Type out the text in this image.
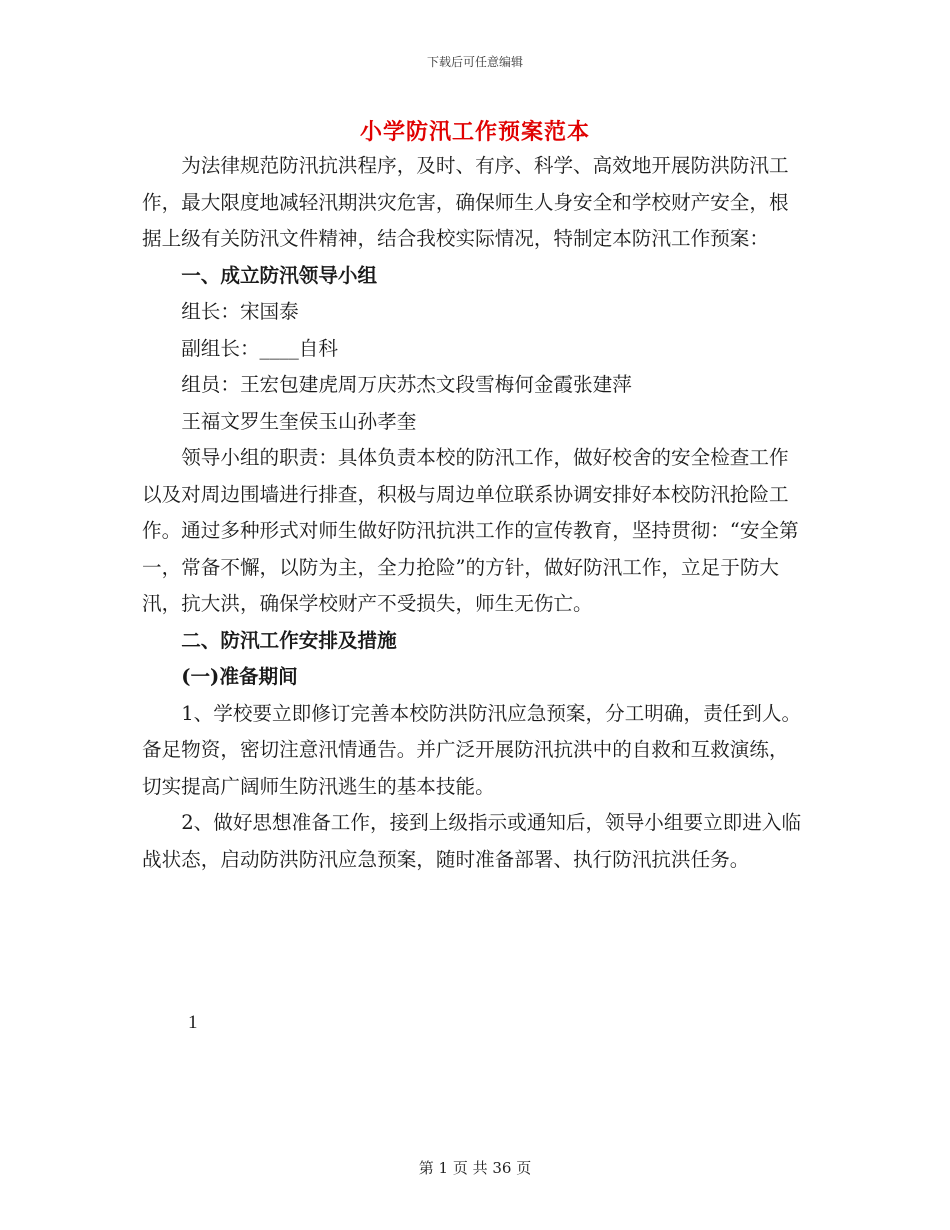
下载后可任意编辑
小学防汛工作预案范本

为法律规范防汛抗洪程序，及时、有序、科学、高效地开展防洪防汛工作，最大限度地减轻汛期洪灾危害，确保师生人身安全和学校财产安全，根据上级有关防汛文件精神，结合我校实际情况，特制定本防汛工作预案：

一、成立防汛领导小组

组长：宋国泰

副组长：____自科

组员：王宏包建虎周万庆苏杰文段雪梅何金霞张建萍

王福文罗生奎侯玉山孙孝奎

领导小组的职责：具体负责本校的防汛工作，做好校舍的安全检查工作以及对周边围墙进行排查，积极与周边单位联系协调安排好本校防汛抢险工作。通过多种形式对师生做好防汛抗洪工作的宣传教育，坚持贯彻：“安全第一，常备不懈，以防为主，全力抢险”的方针，做好防汛工作，立足于防大汛，抗大洪，确保学校财产不受损失，师生无伤亡。

二、防汛工作安排及措施

(一)准备期间

1、学校要立即修订完善本校防洪防汛应急预案，分工明确，责任到人。备足物资，密切注意汛情通告。并广泛开展防汛抗洪中的自救和互救演练，切实提高广阔师生防汛逃生的基本技能。

2、做好思想准备工作，接到上级指示或通知后，领导小组要立即进入临战状态，启动防洪防汛应急预案，随时准备部署、执行防汛抗洪任务。

1
第 1 页 共 36 页
